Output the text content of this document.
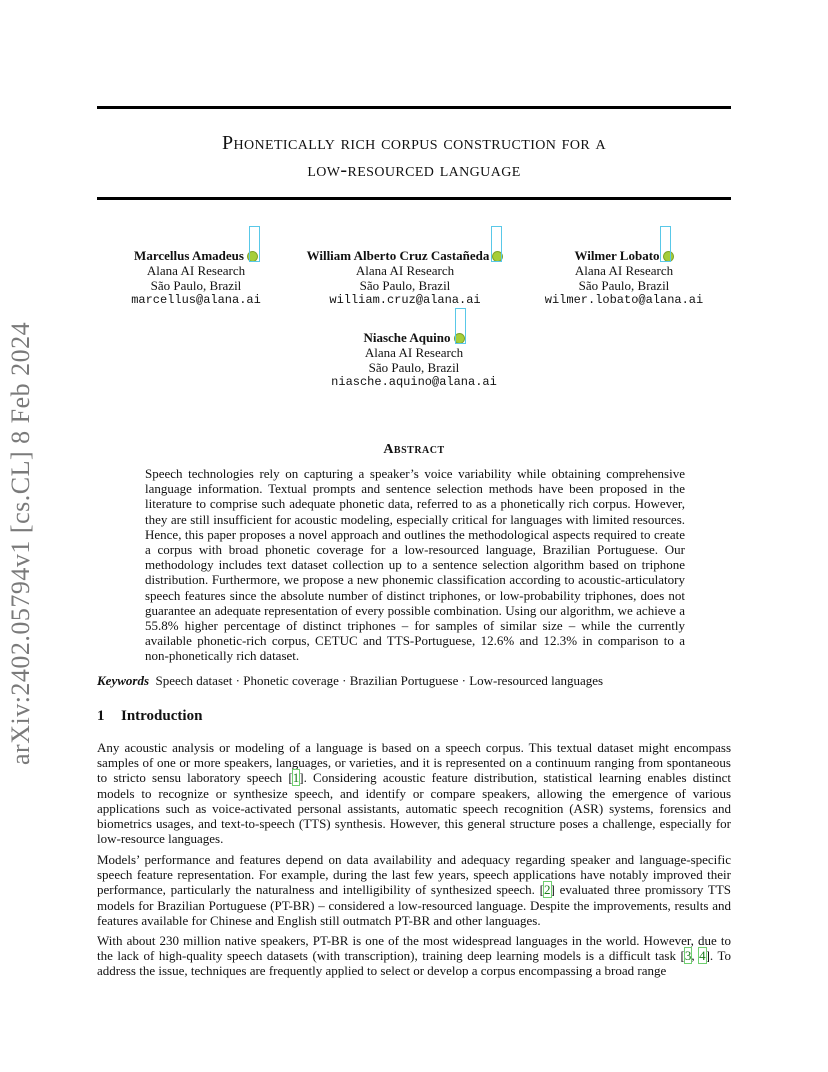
arXiv:2402.05794v1 [cs.CL] 8 Feb 2024
Phonetically rich corpus construction for a
low-resourced language
Marcellus Amadeus
Alana AI Research
São Paulo, Brazil
marcellus@alana.ai
William Alberto Cruz Castañeda
Alana AI Research
São Paulo, Brazil
william.cruz@alana.ai
Wilmer Lobato
Alana AI Research
São Paulo, Brazil
wilmer.lobato@alana.ai
Niasche Aquino
Alana AI Research
São Paulo, Brazil
niasche.aquino@alana.ai
Abstract
Speech technologies rely on capturing a speaker’s voice variability while obtaining comprehensive language information. Textual prompts and sentence selection methods have been proposed in the literature to comprise such adequate phonetic data, referred to as a phonetically rich corpus. However, they are still insufficient for acoustic modeling, especially critical for languages with limited resources. Hence, this paper proposes a novel approach and outlines the methodological aspects required to create a corpus with broad phonetic coverage for a low-resourced language, Brazilian Portuguese. Our methodology includes text dataset collection up to a sentence selection algorithm based on triphone distribution. Furthermore, we propose a new phonemic classification according to acoustic-articulatory speech features since the absolute number of distinct triphones, or low-probability triphones, does not guarantee an adequate representation of every possible combination. Using our algorithm, we achieve a 55.8% higher percentage of distinct triphones – for samples of similar size – while the currently available phonetic-rich corpus, CETUC and TTS-Portuguese, 12.6% and 12.3% in comparison to a non-phonetically rich dataset.
Keywords Speech dataset · Phonetic coverage · Brazilian Portuguese · Low-resourced languages
1 Introduction
Any acoustic analysis or modeling of a language is based on a speech corpus. This textual dataset might encompass samples of one or more speakers, languages, or varieties, and it is represented on a continuum ranging from spontaneous to stricto sensu laboratory speech [1]. Considering acoustic feature distribution, statistical learning enables distinct models to recognize or synthesize speech, and identify or compare speakers, allowing the emergence of various applications such as voice-activated personal assistants, automatic speech recognition (ASR) systems, forensics and biometrics usages, and text-to-speech (TTS) synthesis. However, this general structure poses a challenge, especially for low-resource languages.
Models’ performance and features depend on data availability and adequacy regarding speaker and language-specific speech feature representation. For example, during the last few years, speech applications have notably improved their performance, particularly the naturalness and intelligibility of synthesized speech. [2] evaluated three promissory TTS models for Brazilian Portuguese (PT-BR) – considered a low-resourced language. Despite the improvements, results and features available for Chinese and English still outmatch PT-BR and other languages.
With about 230 million native speakers, PT-BR is one of the most widespread languages in the world. However, due to the lack of high-quality speech datasets (with transcription), training deep learning models is a difficult task [3, 4]. To address the issue, techniques are frequently applied to select or develop a corpus encompassing a broad range
